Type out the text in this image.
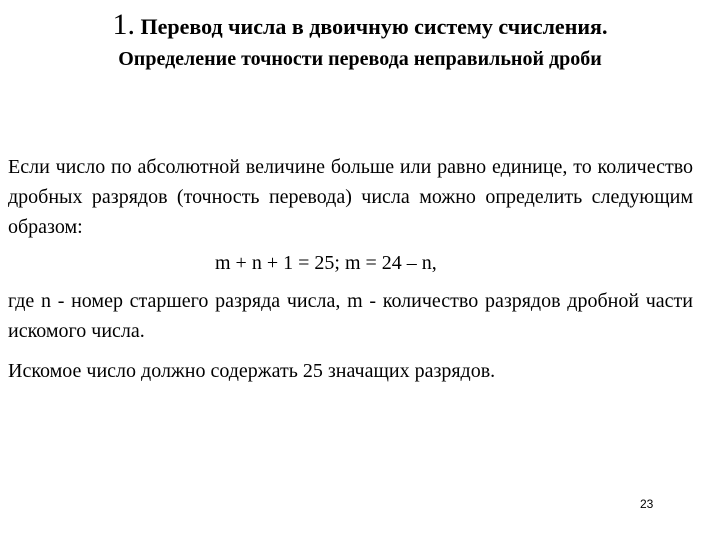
1. Перевод числа в двоичную систему счисления.
Определение точности перевода неправильной дроби

Если число по абсолютной величине больше или равно единице, то количество дробных разрядов (точность перевода) числа можно определить следующим образом:

m + n + 1 = 25; m = 24 – n,

где n - номер старшего разряда числа, m - количество разрядов дробной части искомого числа.

Искомое число должно содержать 25 значащих разрядов.

23
